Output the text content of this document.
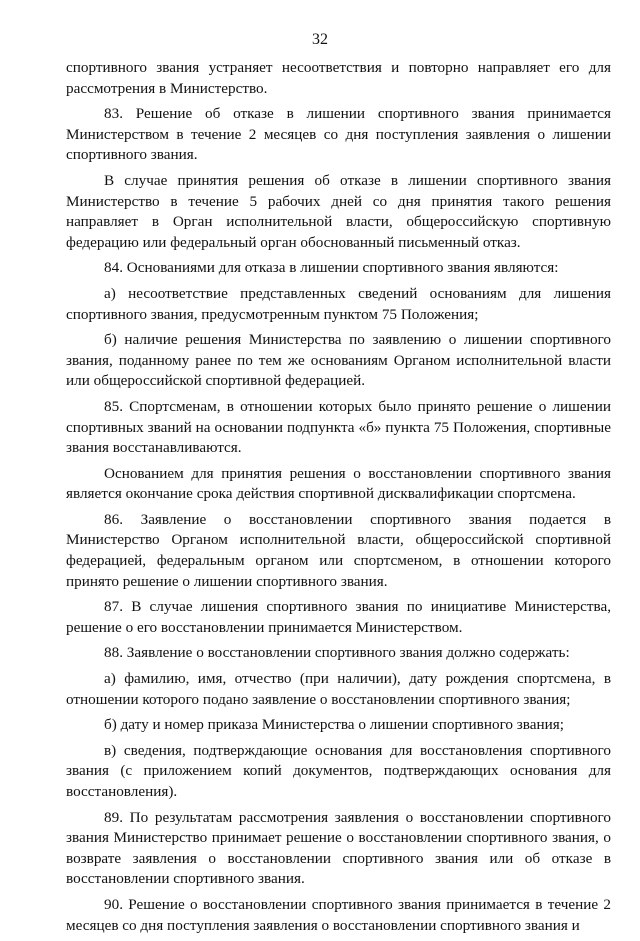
32

спортивного звания устраняет несоответствия и повторно направляет его для рассмотрения в Министерство.

83. Решение об отказе в лишении спортивного звания принимается Министерством в течение 2 месяцев со дня поступления заявления о лишении спортивного звания.

В случае принятия решения об отказе в лишении спортивного звания Министерство в течение 5 рабочих дней со дня принятия такого решения направляет в Орган исполнительной власти, общероссийскую спортивную федерацию или федеральный орган обоснованный письменный отказ.

84. Основаниями для отказа в лишении спортивного звания являются:

а) несоответствие представленных сведений основаниям для лишения спортивного звания, предусмотренным пунктом 75 Положения;

б) наличие решения Министерства по заявлению о лишении спортивного звания, поданному ранее по тем же основаниям Органом исполнительной власти или общероссийской спортивной федерацией.

85. Спортсменам, в отношении которых было принято решение о лишении спортивных званий на основании подпункта «б» пункта 75 Положения, спортивные звания восстанавливаются.

Основанием для принятия решения о восстановлении спортивного звания является окончание срока действия спортивной дисквалификации спортсмена.

86. Заявление о восстановлении спортивного звания подается в Министерство Органом исполнительной власти, общероссийской спортивной федерацией, федеральным органом или спортсменом, в отношении которого принято решение о лишении спортивного звания.

87. В случае лишения спортивного звания по инициативе Министерства, решение о его восстановлении принимается Министерством.

88. Заявление о восстановлении спортивного звания должно содержать:

а) фамилию, имя, отчество (при наличии), дату рождения спортсмена, в отношении которого подано заявление о восстановлении спортивного звания;

б) дату и номер приказа Министерства о лишении спортивного звания;

в) сведения, подтверждающие основания для восстановления спортивного звания (с приложением копий документов, подтверждающих основания для восстановления).

89. По результатам рассмотрения заявления о восстановлении спортивного звания Министерство принимает решение о восстановлении спортивного звания, о возврате заявления о восстановлении спортивного звания или об отказе в восстановлении спортивного звания.

90. Решение о восстановлении спортивного звания принимается в течение 2 месяцев со дня поступления заявления о восстановлении спортивного звания и
